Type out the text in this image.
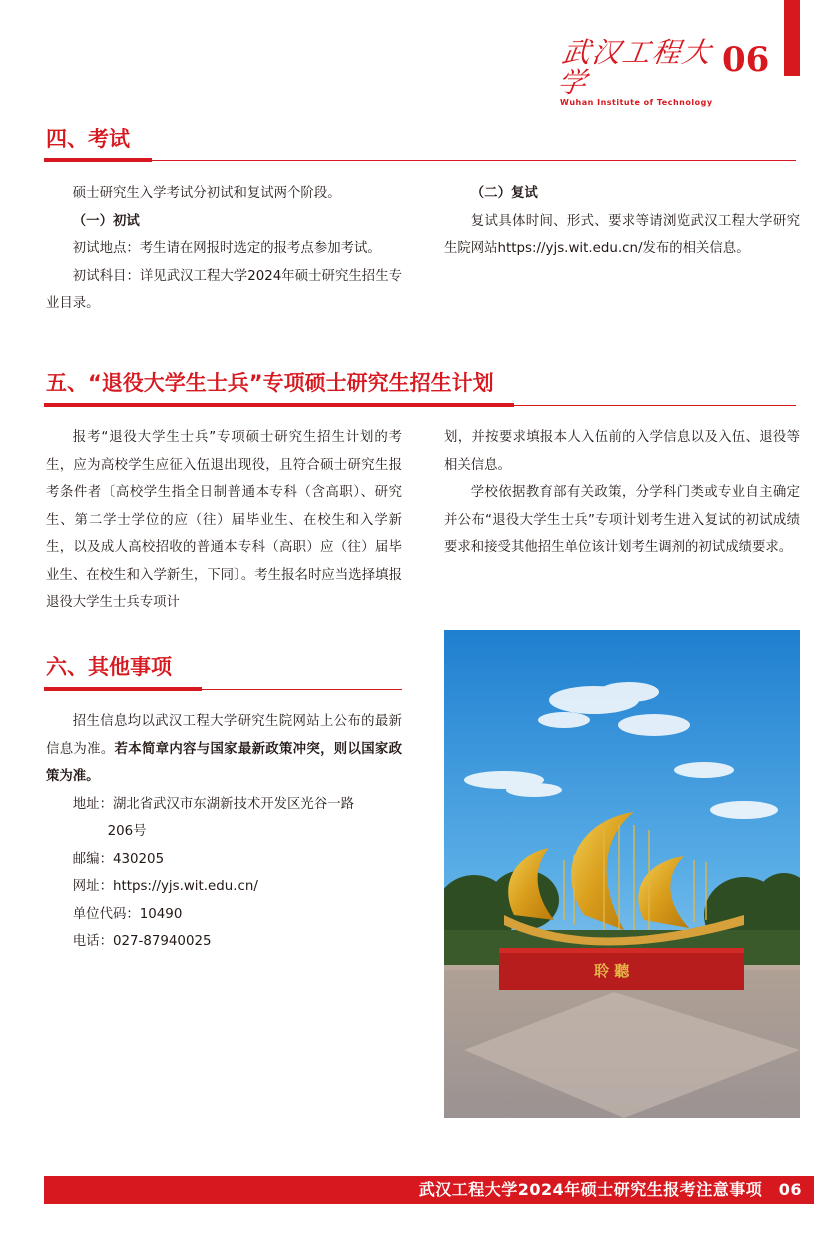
武汉工程大学
Wuhan Institute of Technology
06
四、考试

硕士研究生入学考试分初试和复试两个阶段。

（一）初试

初试地点：考生请在网报时选定的报考点参加考试。

初试科目：详见武汉工程大学2024年硕士研究生招生专业目录。

（二）复试

复试具体时间、形式、要求等请浏览武汉工程大学研究生院网站https://yjs.wit.edu.cn/发布的相关信息。

五、“退役大学生士兵”专项硕士研究生招生计划

报考“退役大学生士兵”专项硕士研究生招生计划的考生，应为高校学生应征入伍退出现役，且符合硕士研究生报考条件者〔高校学生指全日制普通本专科（含高职）、研究生、第二学士学位的应（往）届毕业生、在校生和入学新生，以及成人高校招收的普通本专科（高职）应（往）届毕业生、在校生和入学新生，下同〕。考生报名时应当选择填报退役大学生士兵专项计

划，并按要求填报本人入伍前的入学信息以及入伍、退役等相关信息。

学校依据教育部有关政策，分学科门类或专业自主确定并公布“退役大学生士兵”专项计划考生进入复试的初试成绩要求和接受其他招生单位该计划考生调剂的初试成绩要求。

六、其他事项

招生信息均以武汉工程大学研究生院网站上公布的最新信息为准。若本简章内容与国家最新政策冲突，则以国家政策为准。

地址：湖北省武汉市东湖新技术开发区光谷一路

206号

邮编：430205

网址：https://yjs.wit.edu.cn/

单位代码：10490

电话：027-87940025

聆 聽
武汉工程大学2024年硕士研究生报考注意事项　06
